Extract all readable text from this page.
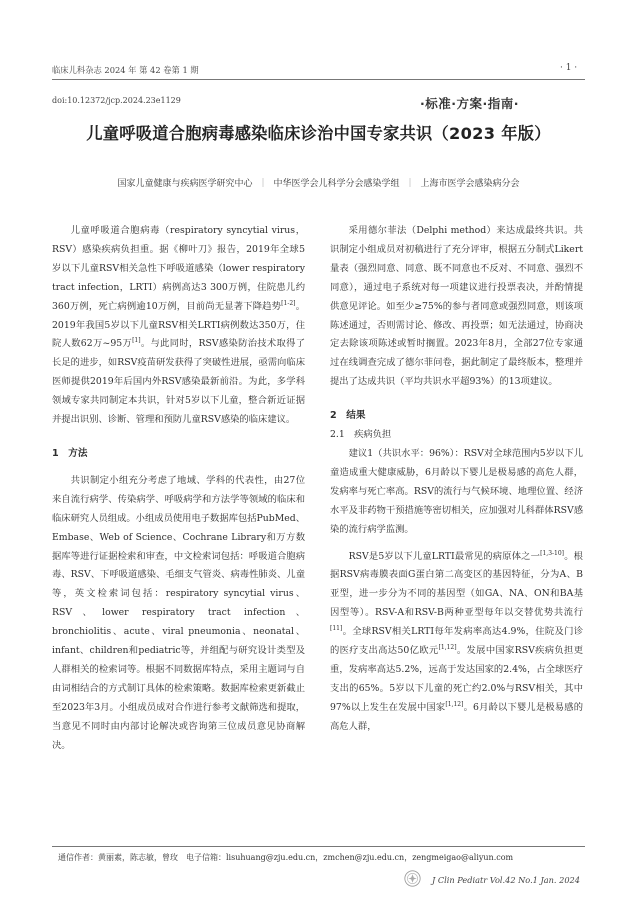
临床儿科杂志 2024 年 第 42 卷第 1 期	· 1 ·
doi:10.12372/jcp.2024.23e1129	·标准·方案·指南·
儿童呼吸道合胞病毒感染临床诊治中国专家共识（2023 年版）
国家儿童健康与疾病医学研究中心 ｜ 中华医学会儿科学分会感染学组 ｜ 上海市医学会感染病分会

儿童呼吸道合胞病毒（respiratory syncytial virus，RSV）感染疾病负担重。据《柳叶刀》报告，2019年全球5岁以下儿童RSV相关急性下呼吸道感染（lower respiratory tract infection，LRTI）病例高达3 300万例，住院患儿约360万例，死亡病例逾10万例，目前尚无显著下降趋势[1-2]。2019年我国5岁以下儿童RSV相关LRTI病例数达350万，住院人数62万~95万[1]。与此同时，RSV感染防治技术取得了长足的进步，如RSV疫苗研发获得了突破性进展，亟需向临床医师提供2019年后国内外RSV感染最新前沿。为此，多学科领域专家共同制定本共识，针对5岁以下儿童，整合新近证据并提出识别、诊断、管理和预防儿童RSV感染的临床建议。

1　方法

共识制定小组充分考虑了地域、学科的代表性，由27位来自流行病学、传染病学、呼吸病学和方法学等领域的临床和临床研究人员组成。小组成员使用电子数据库包括PubMed、Embase、Web of Science、Cochrane Library和万方数据库等进行证据检索和审查，中文检索词包括：呼吸道合胞病毒、RSV、下呼吸道感染、毛细支气管炎、病毒性肺炎、儿童等，英文检索词包括：respiratory syncytial virus、RSV、lower respiratory tract infection、bronchiolitis、acute、viral pneumonia、neonatal、infant、children和pediatric等，并组配与研究设计类型及人群相关的检索词等。根据不同数据库特点，采用主题词与自由词相结合的方式制订具体的检索策略。数据库检索更新截止至2023年3月。小组成员成对合作进行参考文献筛选和提取，当意见不同时由内部讨论解决或咨询第三位成员意见协商解决。

采用德尔菲法（Delphi method）来达成最终共识。共识制定小组成员对初稿进行了充分评审，根据五分制式Likert量表（强烈同意、同意、既不同意也不反对、不同意、强烈不同意），通过电子系统对每一项建议进行投票表决，并酌情提供意见评论。如至少≥75%的参与者同意或强烈同意，则该项陈述通过，否则需讨论、修改、再投票；如无法通过，协商决定去除该项陈述或暂时搁置。2023年8月，全部27位专家通过在线调查完成了德尔菲问卷，据此制定了最终版本，整理并提出了达成共识（平均共识水平超93%）的13项建议。

2　结果
2.1　疾病负担

建议1（共识水平：96%）：RSV对全球范围内5岁以下儿童造成重大健康威胁，6月龄以下婴儿是极易感的高危人群，发病率与死亡率高。RSV的流行与气候环境、地理位置、经济水平及非药物干预措施等密切相关，应加强对儿科群体RSV感染的流行病学监测。

RSV是5岁以下儿童LRTI最常见的病原体之一[1,3-10]。根据RSV病毒膜表面G蛋白第二高变区的基因特征，分为A、B亚型，进一步分为不同的基因型（如GA、NA、ON和BA基因型等）。RSV-A和RSV-B两种亚型每年以交替优势共流行[11]。全球RSV相关LRTI每年发病率高达4.9%，住院及门诊的医疗支出高达50亿欧元[1,12]。发展中国家RSV疾病负担更重，发病率高达5.2%，远高于发达国家的2.4%，占全球医疗支出的65%。5岁以下儿童的死亡约2.0%与RSV相关，其中97%以上发生在发展中国家[1,12]。6月龄以下婴儿是极易感的高危人群，

通信作者：黄丽素，陈志敏，曾玫　电子信箱：lisuhuang@zju.edu.cn，zmchen@zju.edu.cn，zengmeigao@aliyun.com
J Clin Pediatr Vol.42 No.1 Jan. 2024
